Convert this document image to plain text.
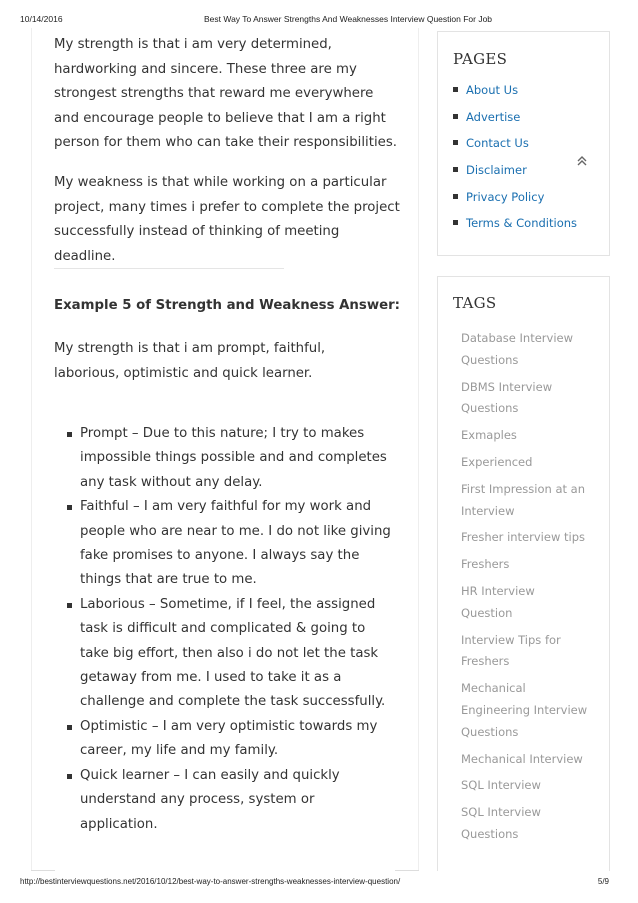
10/14/2016	Best Way To Answer Strengths And Weaknesses Interview Question For Job

My strength is that i am very determined, hardworking and sincere. These three are my strongest strengths that reward me everywhere and encourage people to believe that I am a right person for them who can take their responsibilities.

My weakness is that while working on a particular project, many times i prefer to complete the project successfully instead of thinking of meeting deadline.

Example 5 of Strength and Weakness Answer:

My strength is that i am prompt, faithful, laborious, optimistic and quick learner.

Prompt – Due to this nature; I try to makes impossible things possible and and completes any task without any delay.
Faithful – I am very faithful for my work and people who are near to me. I do not like giving fake promises to anyone. I always say the things that are true to me.
Laborious – Sometime, if I feel, the assigned task is difficult and complicated & going to take big effort, then also i do not let the task getaway from me. I used to take it as a challenge and complete the task successfully.
Optimistic – I am very optimistic towards my career, my life and my family.
Quick learner – I can easily and quickly understand any process, system or application.
PAGES
About Us
Advertise
Contact Us
Disclaimer
Privacy Policy
Terms & Conditions
TAGS
Database Interview Questions
DBMS Interview Questions
Exmaples
Experienced
First Impression at an Interview
Fresher interview tips
Freshers
HR Interview Question
Interview Tips for Freshers
Mechanical Engineering Interview Questions
Mechanical Interview
SQL Interview
SQL Interview Questions
http://bestinterviewquestions.net/2016/10/12/best-way-to-answer-strengths-weaknesses-interview-question/	5/9
